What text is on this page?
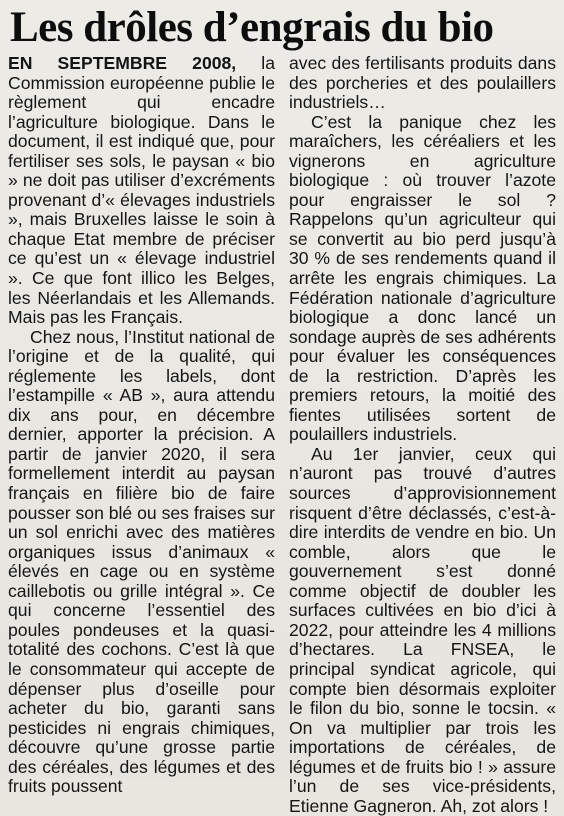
Les drôles d’engrais du bio

EN SEPTEMBRE 2008, la Commission européenne publie le règlement qui encadre l’agriculture biologique. Dans le document, il est indiqué que, pour fertiliser ses sols, le paysan « bio » ne doit pas utiliser d’excréments provenant d’« élevages industriels », mais Bruxelles laisse le soin à chaque Etat membre de préciser ce qu’est un « élevage industriel ». Ce que font illico les Belges, les Néerlandais et les Allemands. Mais pas les Français.

Chez nous, l’Institut national de l’origine et de la qualité, qui réglemente les labels, dont l’estampille « AB », aura attendu dix ans pour, en décembre dernier, apporter la précision. A partir de janvier 2020, il sera formellement interdit au paysan français en filière bio de faire pousser son blé ou ses fraises sur un sol enrichi avec des matières organiques issus d’animaux « élevés en cage ou en système caillebotis ou grille intégral ». Ce qui concerne l’essentiel des poules pondeuses et la quasi-totalité des cochons. C’est là que le consommateur qui accepte de dépenser plus d’oseille pour acheter du bio, garanti sans pesticides ni engrais chimiques, découvre qu’une grosse partie des céréales, des légumes et des fruits poussent

avec des fertilisants produits dans des porcheries et des poulaillers industriels…

C’est la panique chez les maraîchers, les céréaliers et les vignerons en agriculture biologique : où trouver l’azote pour engraisser le sol ? Rappelons qu’un agriculteur qui se convertit au bio perd jusqu’à 30 % de ses rendements quand il arrête les engrais chimiques. La Fédération nationale d’agriculture biologique a donc lancé un sondage auprès de ses adhérents pour évaluer les conséquences de la restriction. D’après les premiers retours, la moitié des fientes utilisées sortent de poulaillers industriels.

Au 1er janvier, ceux qui n’auront pas trouvé d’autres sources d’approvisionnement risquent d’être déclassés, c’est-à-dire interdits de vendre en bio. Un comble, alors que le gouvernement s’est donné comme objectif de doubler les surfaces cultivées en bio d’ici à 2022, pour atteindre les 4 millions d’hectares. La FNSEA, le principal syndicat agricole, qui compte bien désormais exploiter le filon du bio, sonne le tocsin. « On va multiplier par trois les importations de céréales, de légumes et de fruits bio ! » assure l’un de ses vice-présidents, Etienne Gagneron. Ah, zot alors !
